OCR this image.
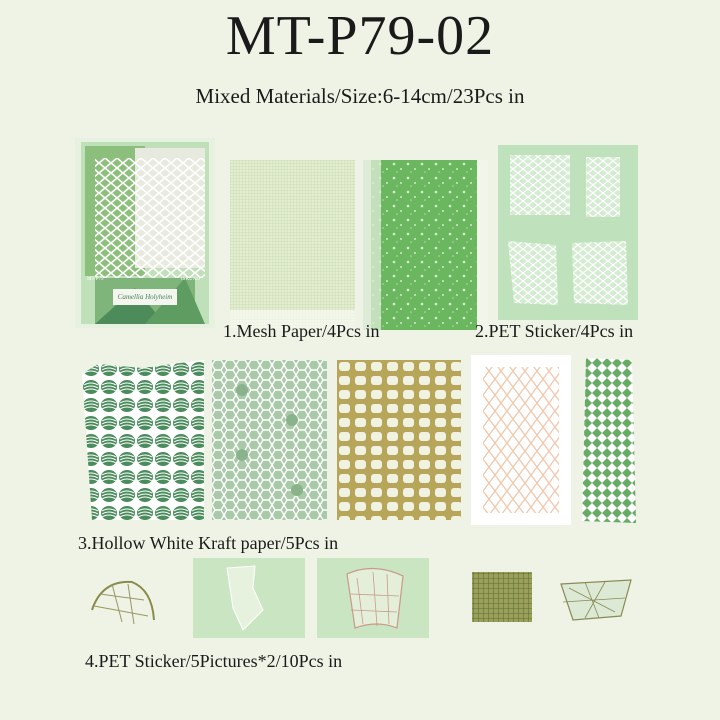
MT-P79-02
Mixed Materials/Size:6-14cm/23Pcs in
Camellia Holyheim
MT-P79	ISKUND
1.Mesh Paper/4Pcs in	2.PET Sticker/4Pcs in
3.Hollow White Kraft paper/5Pcs in
4.PET Sticker/5Pictures*2/10Pcs in
